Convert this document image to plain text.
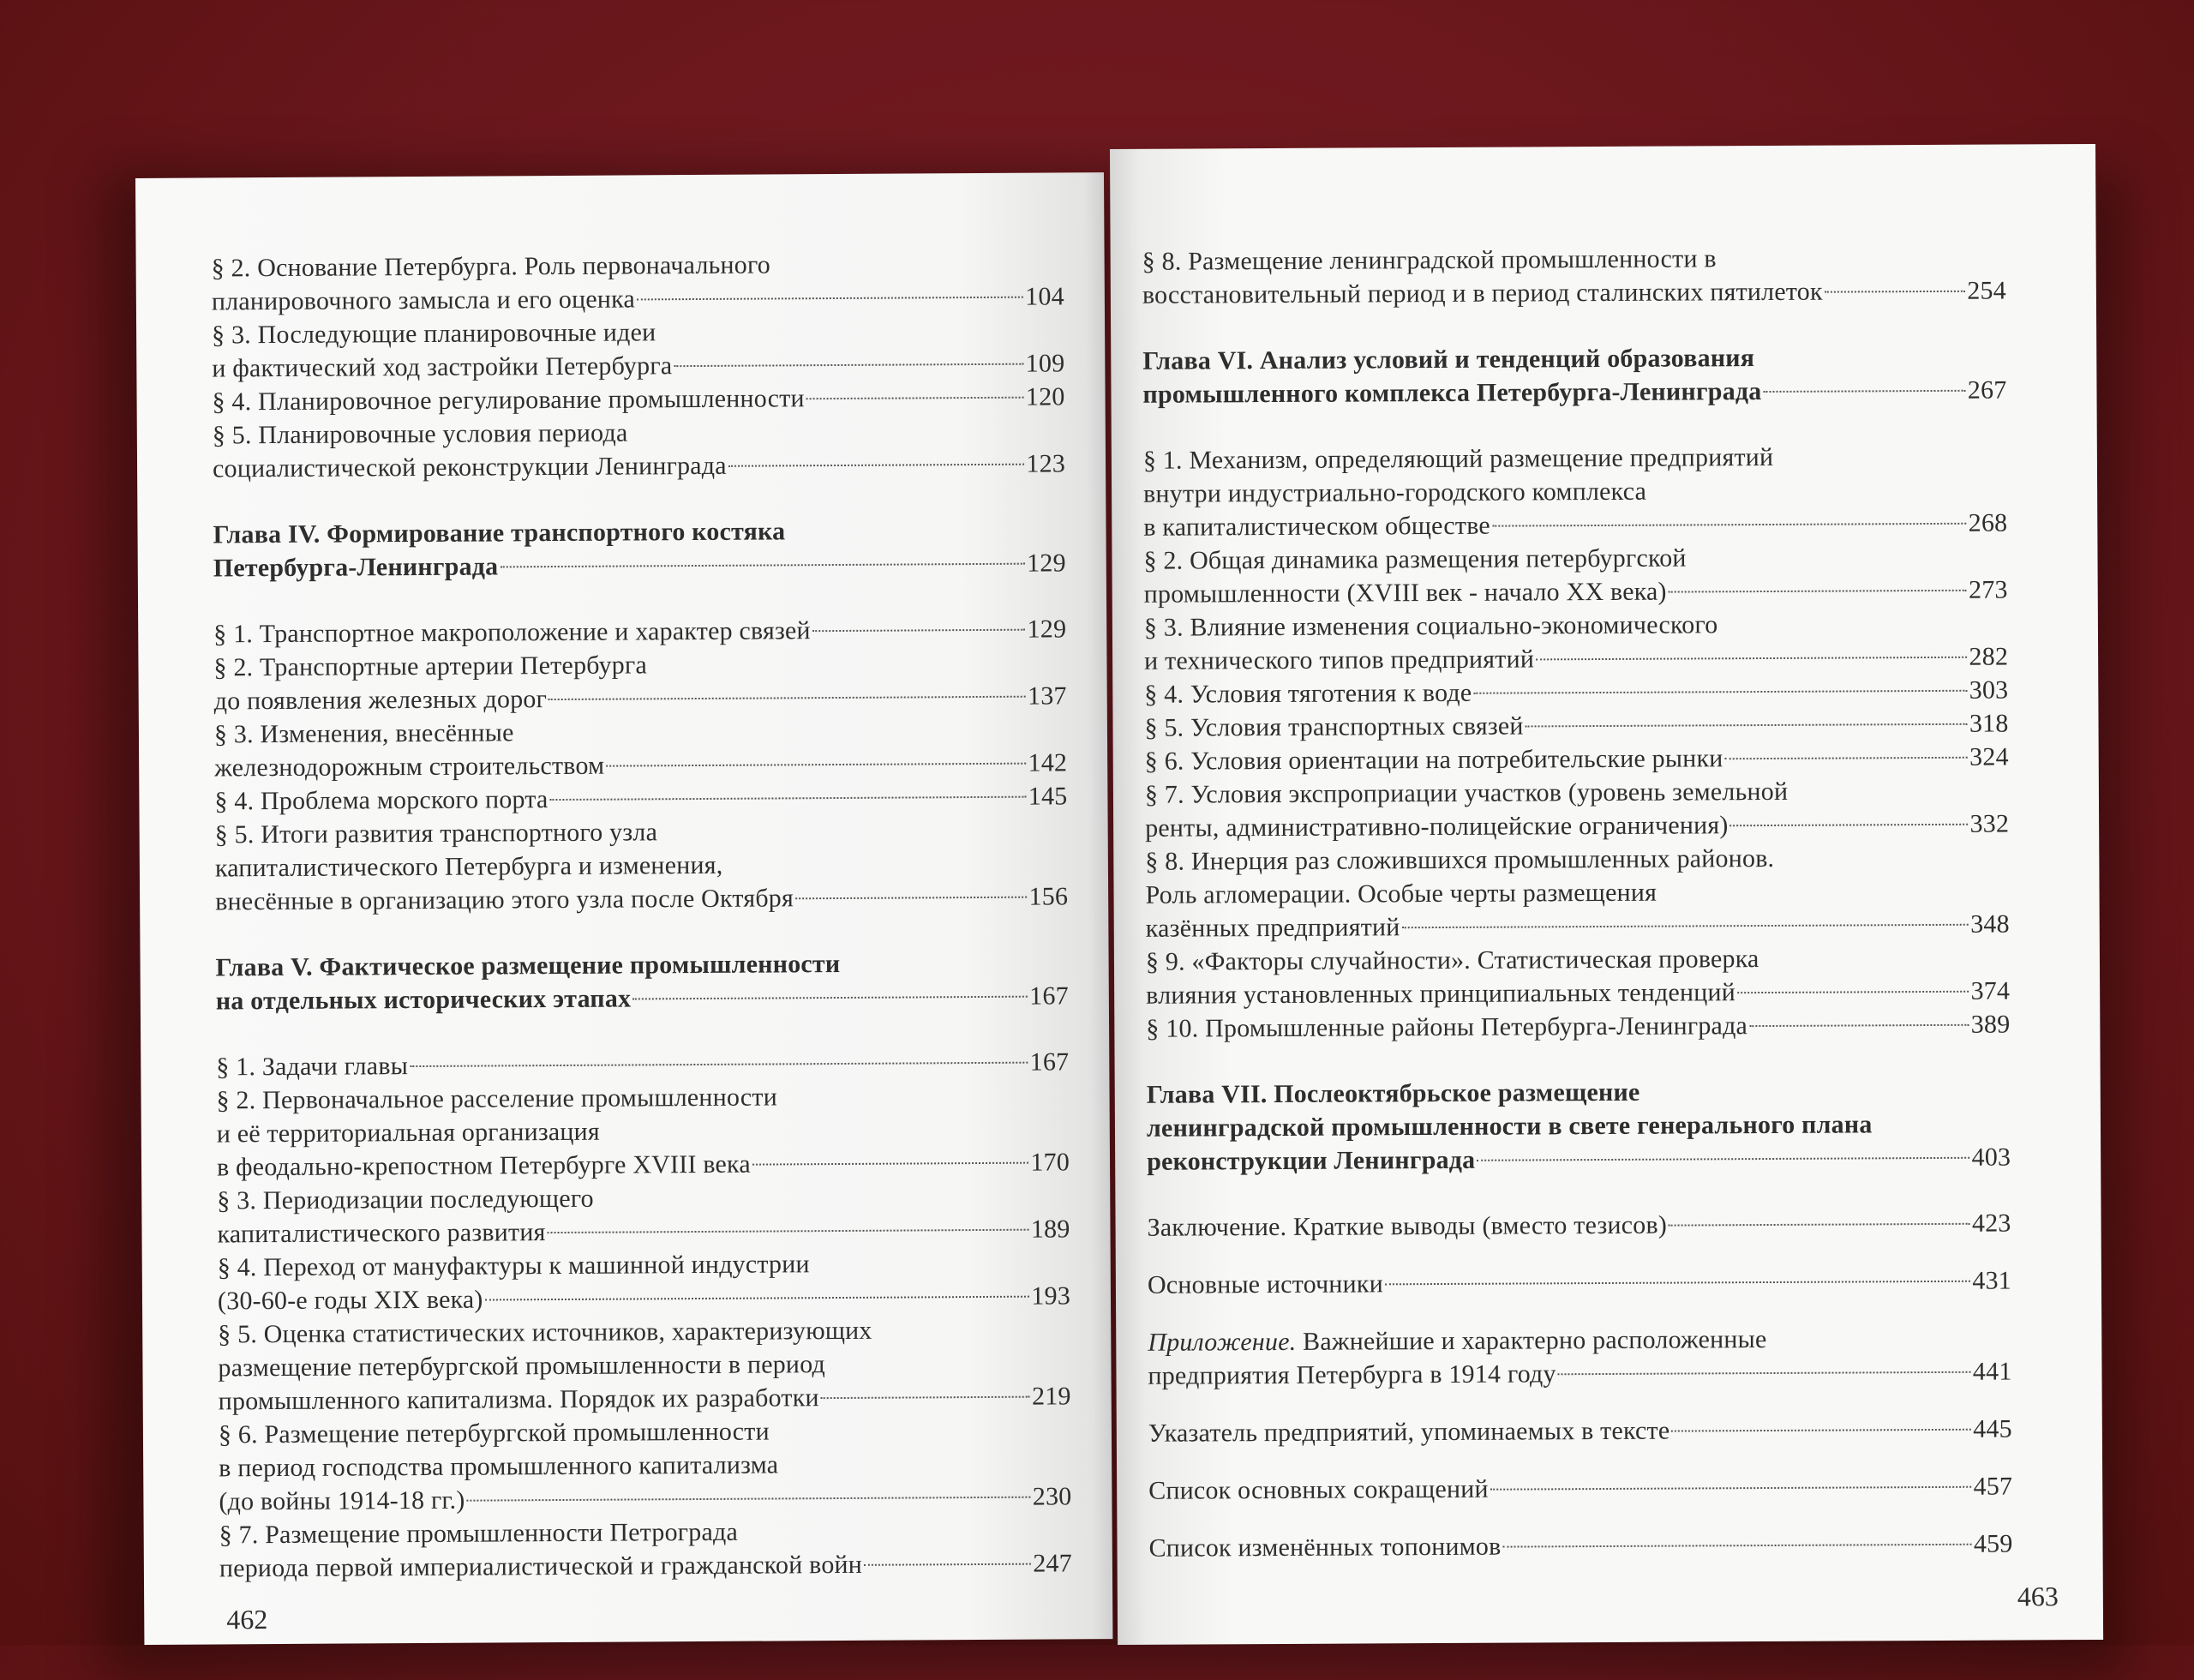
§ 2. Основание Петербурга. Роль первоначального
планировочного замысла и его оценка	104
§ 3. Последующие планировочные идеи
и фактический ход застройки Петербурга	109
§ 4. Планировочное регулирование промышленности	120
§ 5. Планировочные условия периода
социалистической реконструкции Ленинграда	123
Глава IV. Формирование транспортного костяка
Петербурга-Ленинграда	129
§ 1. Транспортное макроположение и характер связей	129
§ 2. Транспортные артерии Петербурга
до появления железных дорог	137
§ 3. Изменения, внесённые
железнодорожным строительством	142
§ 4. Проблема морского порта	145
§ 5. Итоги развития транспортного узла
капиталистического Петербурга и изменения,
внесённые в организацию этого узла после Октября	156
Глава V. Фактическое размещение промышленности
на отдельных исторических этапах	167
§ 1. Задачи главы	167
§ 2. Первоначальное расселение промышленности
и её территориальная организация
в феодально-крепостном Петербурге XVIII века	170
§ 3. Периодизации последующего
капиталистического развития	189
§ 4. Переход от мануфактуры к машинной индустрии
(30-60-е годы XIX века)	193
§ 5. Оценка статистических источников, характеризующих
размещение петербургской промышленности в период
промышленного капитализма. Порядок их разработки	219
§ 6. Размещение петербургской промышленности
в период господства промышленного капитализма
(до войны 1914-18 гг.)	230
§ 7. Размещение промышленности Петрограда
периода первой империалистической и гражданской войн	247
462
§ 8. Размещение ленинградской промышленности в
восстановительный период и в период сталинских пятилеток	254
Глава VI. Анализ условий и тенденций образования
промышленного комплекса Петербурга-Ленинграда	267
§ 1. Механизм, определяющий размещение предприятий
внутри индустриально-городского комплекса
в капиталистическом обществе	268
§ 2. Общая динамика размещения петербургской
промышленности (XVIII век - начало XX века)	273
§ 3. Влияние изменения социально-экономического
и технического типов предприятий	282
§ 4. Условия тяготения к воде	303
§ 5. Условия транспортных связей	318
§ 6. Условия ориентации на потребительские рынки	324
§ 7. Условия экспроприации участков (уровень земельной
ренты, административно-полицейские ограничения)	332
§ 8. Инерция раз сложившихся промышленных районов.
Роль агломерации. Особые черты размещения
казённых предприятий	348
§ 9. «Факторы случайности». Статистическая проверка
влияния установленных принципиальных тенденций	374
§ 10. Промышленные районы Петербурга-Ленинграда	389
Глава VII. Послеоктябрьское размещение
ленинградской промышленности в свете генерального плана
реконструкции Ленинграда	403
Заключение. Краткие выводы (вместо тезисов)	423
Основные источники	431
Приложение. Важнейшие и характерно расположенные
предприятия Петербурга в 1914 году	441
Указатель предприятий, упоминаемых в тексте	445
Список основных сокращений	457
Список изменённых топонимов	459
463
